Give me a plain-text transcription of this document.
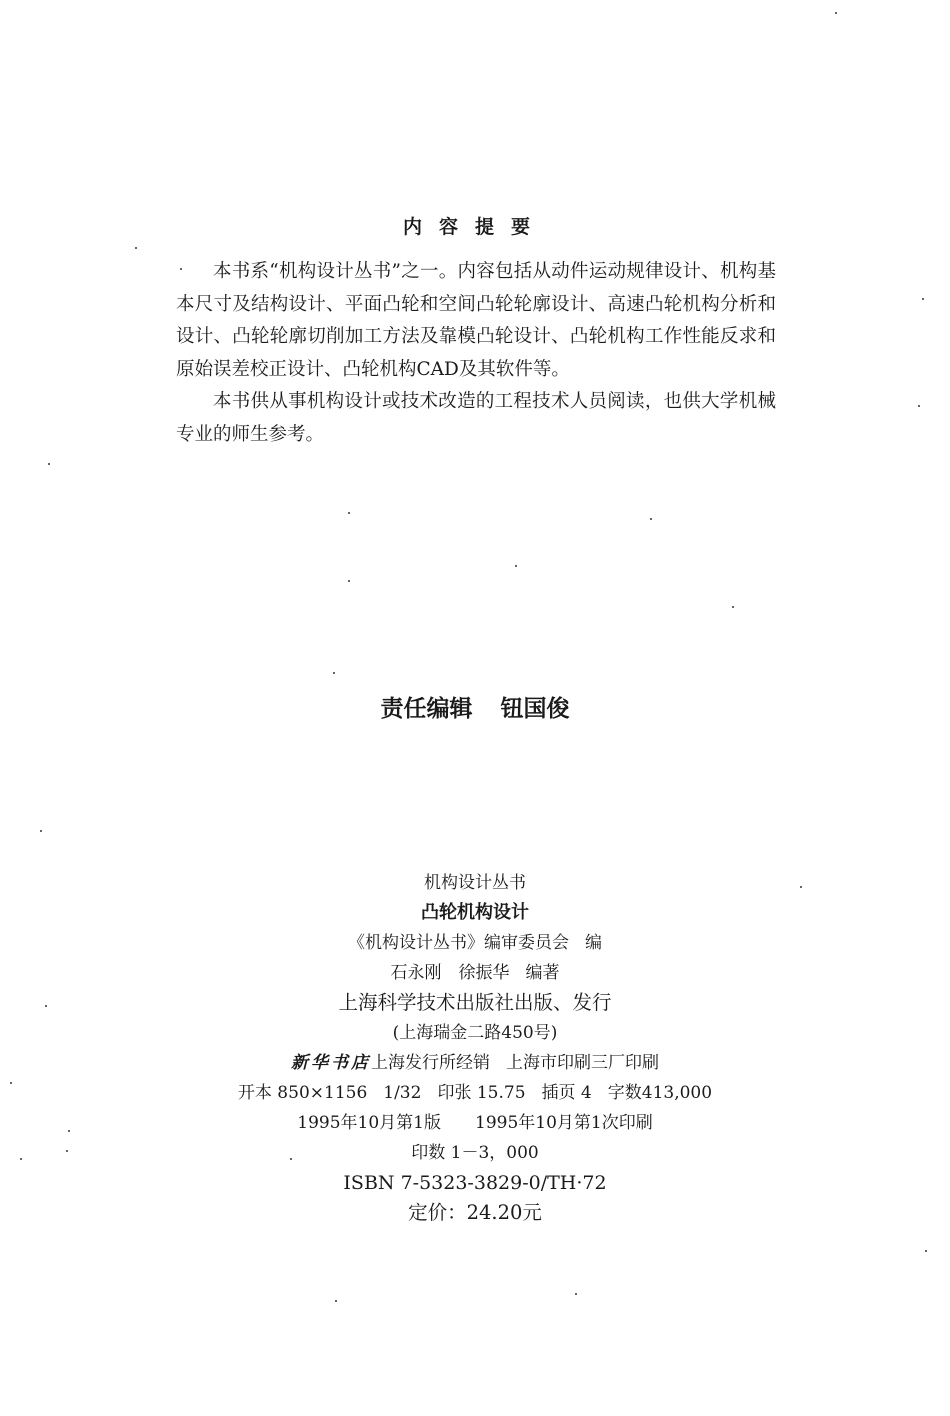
内容提要

本书系“机构设计丛书”之一。内容包括从动件运动规律设计、机构基本尺寸及结构设计、平面凸轮和空间凸轮轮廓设计、高速凸轮机构分析和设计、凸轮轮廓切削加工方法及靠模凸轮设计、凸轮机构工作性能反求和原始误差校正设计、凸轮机构CAD及其软件等。

本书供从事机构设计或技术改造的工程技术人员阅读，也供大学机械专业的师生参考。

责任编辑 钮国俊
机构设计丛书
凸轮机构设计
《机构设计丛书》编审委员会 编
石永刚　徐振华 编著
上海科学技术出版社出版、发行
(上海瑞金二路450号)
新华书店上海发行所经销 上海市印刷三厂印刷
开本 850×1156 1/32 印张 15.75 插页 4 字数413,000
1995年10月第1版 1995年10月第1次印刷
印数 1－3，000
ISBN 7-5323-3829-0/TH·72
定价：24.20元
